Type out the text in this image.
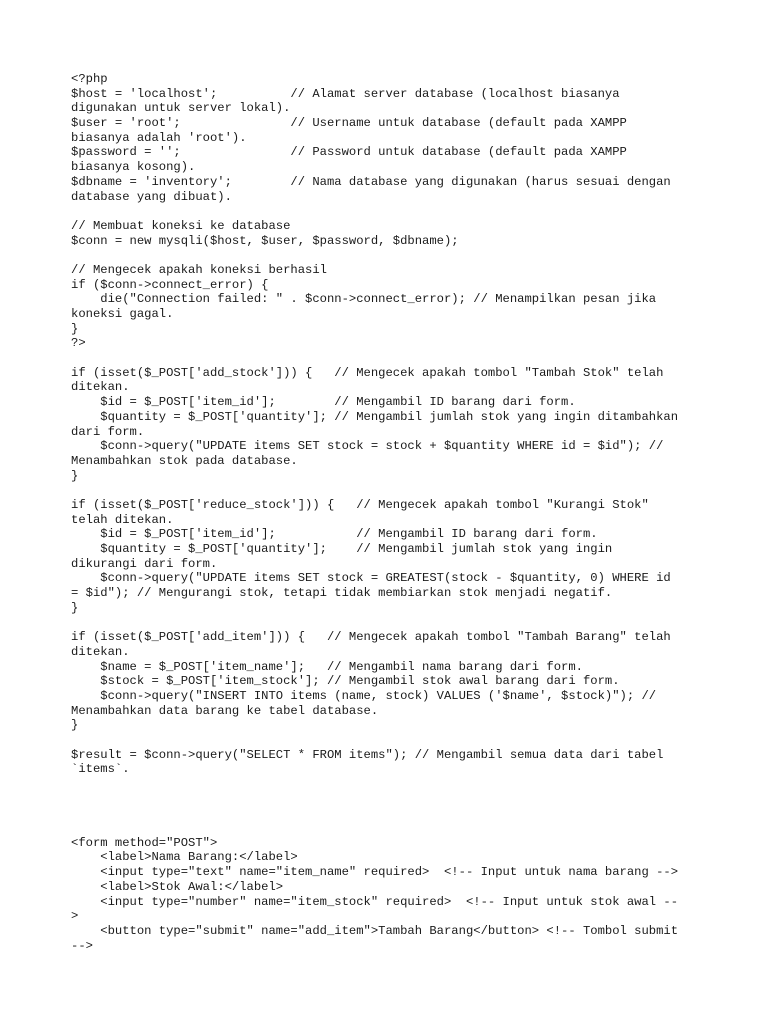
<?php
$host = 'localhost';          // Alamat server database (localhost biasanya
digunakan untuk server lokal).
$user = 'root';               // Username untuk database (default pada XAMPP
biasanya adalah 'root').
$password = '';               // Password untuk database (default pada XAMPP
biasanya kosong).
$dbname = 'inventory';        // Nama database yang digunakan (harus sesuai dengan
database yang dibuat).
// Membuat koneksi ke database
$conn = new mysqli($host, $user, $password, $dbname);
// Mengecek apakah koneksi berhasil
if ($conn->connect_error) {
die("Connection failed: " . $conn->connect_error); // Menampilkan pesan jika
koneksi gagal.
}
?>
if (isset($_POST['add_stock'])) {   // Mengecek apakah tombol "Tambah Stok" telah
ditekan.
$id = $_POST['item_id'];        // Mengambil ID barang dari form.
$quantity = $_POST['quantity']; // Mengambil jumlah stok yang ingin ditambahkan
dari form.
$conn->query("UPDATE items SET stock = stock + $quantity WHERE id = $id"); //
Menambahkan stok pada database.
}
if (isset($_POST['reduce_stock'])) {   // Mengecek apakah tombol "Kurangi Stok"
telah ditekan.
$id = $_POST['item_id'];           // Mengambil ID barang dari form.
$quantity = $_POST['quantity'];    // Mengambil jumlah stok yang ingin
dikurangi dari form.
$conn->query("UPDATE items SET stock = GREATEST(stock - $quantity, 0) WHERE id
= $id"); // Mengurangi stok, tetapi tidak membiarkan stok menjadi negatif.
}
if (isset($_POST['add_item'])) {   // Mengecek apakah tombol "Tambah Barang" telah
ditekan.
$name = $_POST['item_name'];   // Mengambil nama barang dari form.
$stock = $_POST['item_stock']; // Mengambil stok awal barang dari form.
$conn->query("INSERT INTO items (name, stock) VALUES ('$name', $stock)"); //
Menambahkan data barang ke tabel database.
}
$result = $conn->query("SELECT * FROM items"); // Mengambil semua data dari tabel
`items`.
<form method="POST">
<label>Nama Barang:</label>
<input type="text" name="item_name" required>  <!-- Input untuk nama barang -->
<label>Stok Awal:</label>
<input type="number" name="item_stock" required>  <!-- Input untuk stok awal --
>
<button type="submit" name="add_item">Tambah Barang</button> <!-- Tombol submit
-->
